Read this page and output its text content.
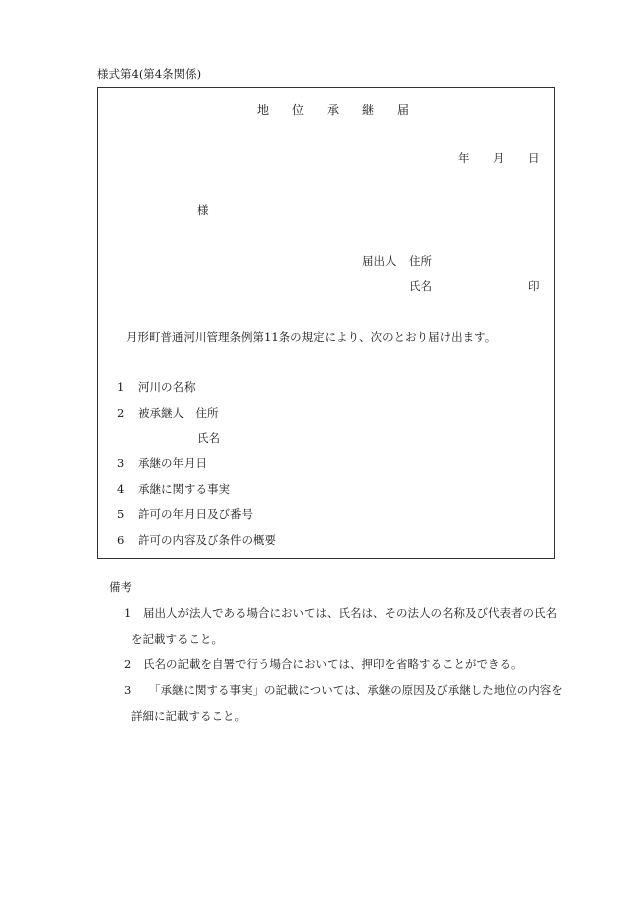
様式第4(第4条関係)
地 位 承 継 届
年 月 日
様
届出人 住所
氏名	印
月形町普通河川管理条例第11条の規定により、次のとおり届け出ます。
1 河川の名称
2 被承継人　住所
氏名
3 承継の年月日
4 承継に関する事実
5 許可の年月日及び番号
6 許可の内容及び条件の概要
備考
1 届出人が法人である場合においては、氏名は、その法人の名称及び代表者の氏名
を記載すること。
2 氏名の記載を自署で行う場合においては、押印を省略することができる。
3 「承継に関する事実」の記載については、承継の原因及び承継した地位の内容を
詳細に記載すること。
